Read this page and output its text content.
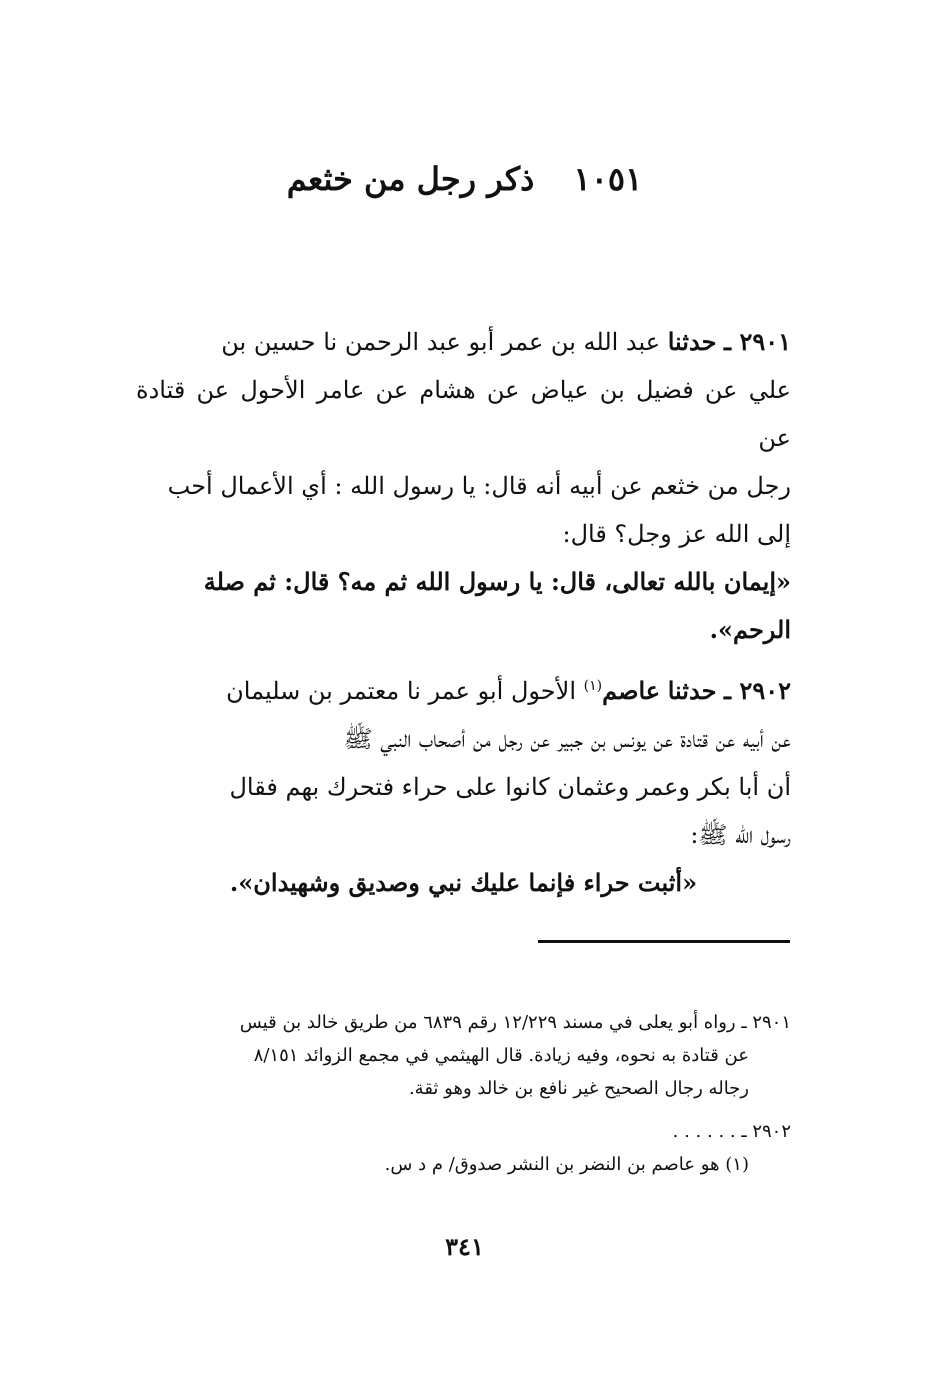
١٠٥١ ذكر رجل من خثعم

٢٩٠١ ـ حدثنا عبد الله بن عمر أبو عبد الرحمن نا حسين بن

علي عن فضيل بن عياض عن هشام عن عامر الأحول عن قتادة عن

رجل من خثعم عن أبيه أنه قال: يا رسول الله : أي الأعمال أحب

إلى الله عز وجل؟ قال:

«إيمان بالله تعالى، قال: يا رسول الله ثم مه؟ قال: ثم صلة

الرحم».

٢٩٠٢ ـ حدثنا عاصم$^{(١)}$ الأحول أبو عمر نا معتمر بن سليمان

عن أبيه عن قتادة عن يونس بن جبير عن رجل من أصحاب النبي ﷺ

أن أبا بكر وعمر وعثمان كانوا على حراء فتحرك بهم فقال

رسول الله ﷺ:

«أثبت حراء فإنما عليك نبي وصديق وشهيدان».

٢٩٠١ ـ رواه أبو يعلى في مسند ١٢/٢٢٩ رقم ٦٨٣٩ من طريق خالد بن قيس

عن قتادة به نحوه، وفيه زيادة. قال الهيثمي في مجمع الزوائد ٨/١٥١

رجاله رجال الصحيح غير نافع بن خالد وهو ثقة.

٢٩٠٢ ـ . . . . . .

(١) هو عاصم بن النضر بن النشر صدوق/ م د س.

٣٤١
